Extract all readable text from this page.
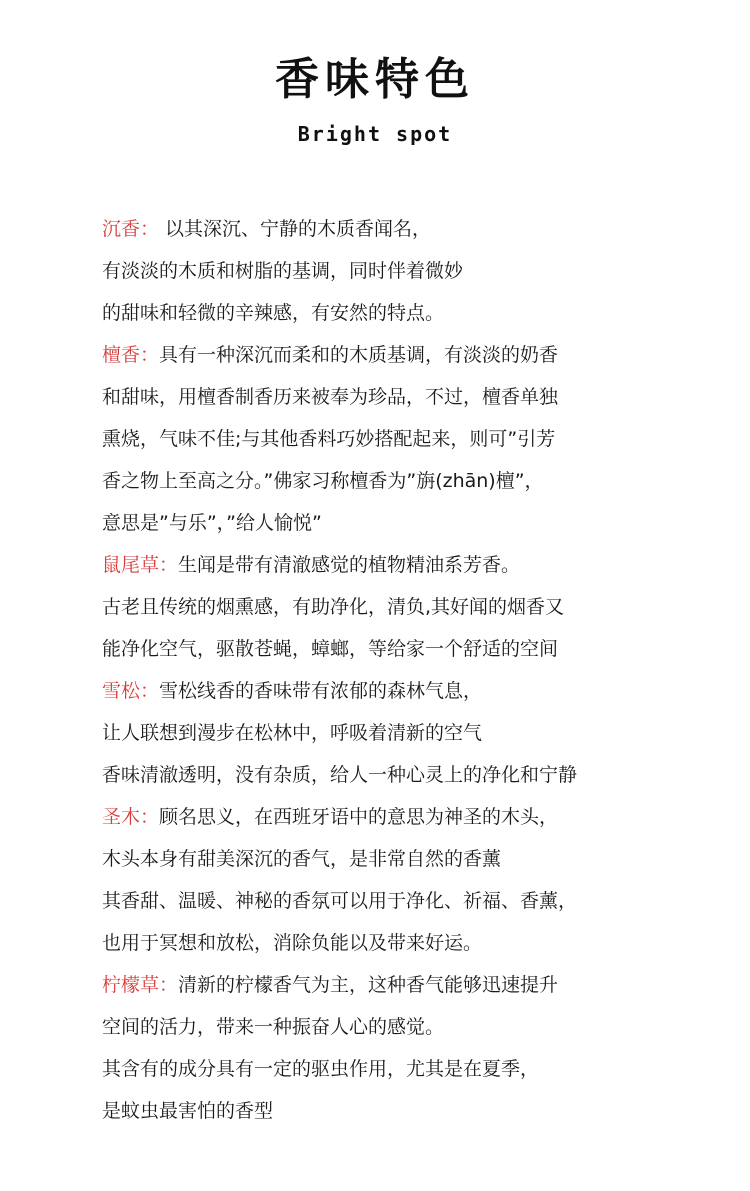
香味特色
Bright spot
沉香： 以其深沉、宁静的木质香闻名，
有淡淡的木质和树脂的基调，同时伴着微妙
的甜味和轻微的辛辣感，有安然的特点。
檀香：具有一种深沉而柔和的木质基调，有淡淡的奶香
和甜味，用檀香制香历来被奉为珍品，不过，檀香单独
熏烧，气味不佳;与其他香料巧妙搭配起来，则可”引芳
香之物上至高之分。”佛家习称檀香为”旃(zhān)檀”，
意思是”与乐”，”给人愉悦”
鼠尾草：生闻是带有清澈感觉的植物精油系芳香。
古老且传统的烟熏感，有助净化，清负,其好闻的烟香又
能净化空气，驱散苍蝇，蟑螂，等给家一个舒适的空间
雪松：雪松线香的香味带有浓郁的森林气息，
让人联想到漫步在松林中，呼吸着清新的空气
香味清澈透明，没有杂质，给人一种心灵上的净化和宁静
圣木：顾名思义，在西班牙语中的意思为神圣的木头，
木头本身有甜美深沉的香气，是非常自然的香薰
其香甜、温暖、神秘的香氛可以用于净化、祈福、香薰，
也用于冥想和放松，消除负能以及带来好运。
柠檬草：清新的柠檬香气为主，这种香气能够迅速提升
空间的活力，带来一种振奋人心的感觉。
其含有的成分具有一定的驱虫作用，尤其是在夏季，
是蚊虫最害怕的香型
